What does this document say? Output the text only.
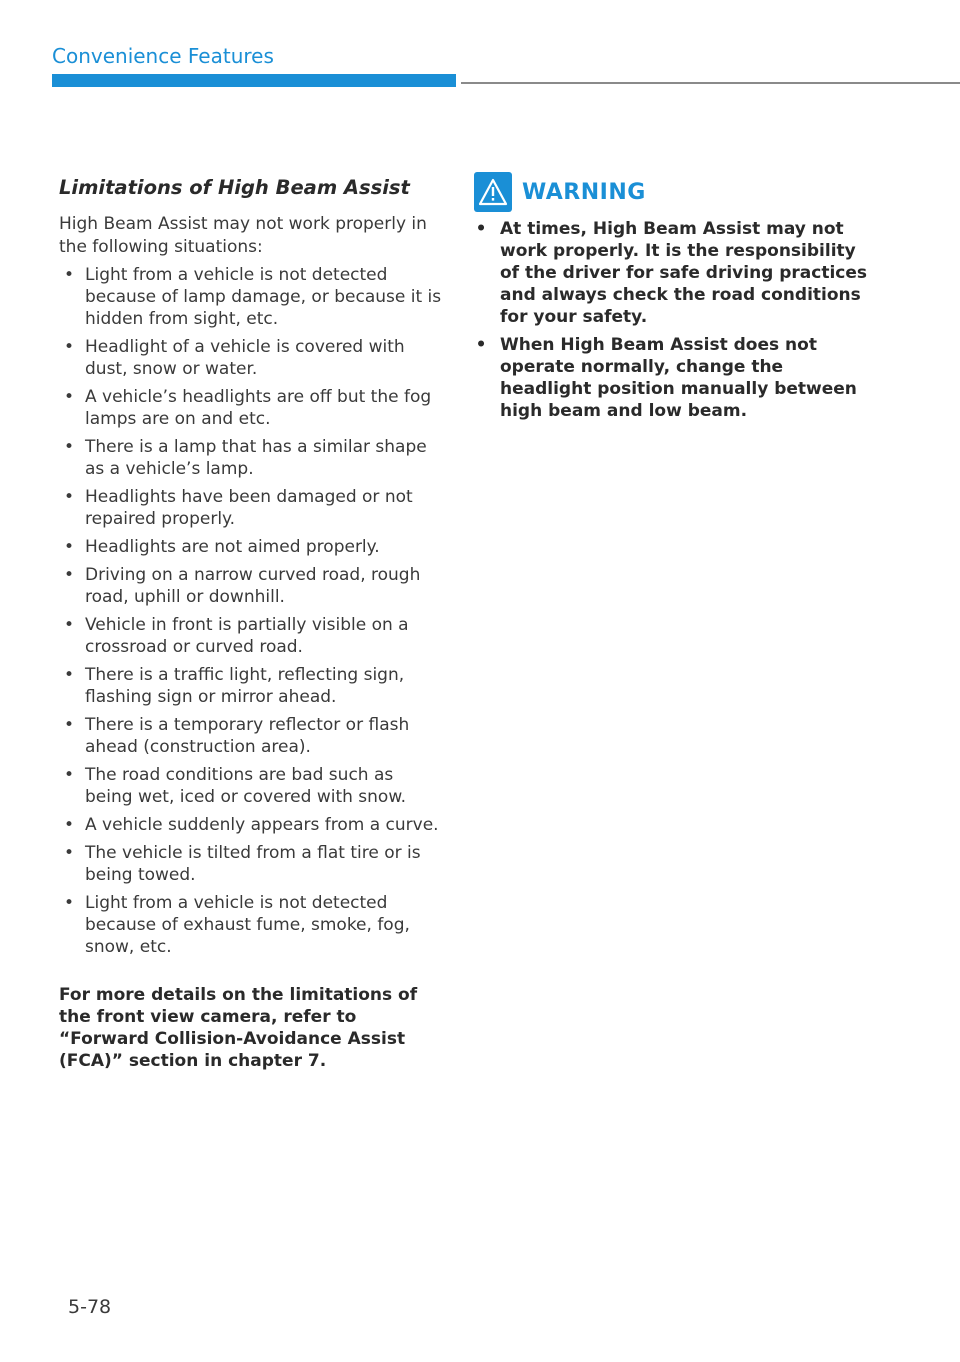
Convenience Features
Limitations of High Beam Assist

High Beam Assist may not work properly in the following situations:

• Light from a vehicle is not detected because of lamp damage, or because it is hidden from sight, etc.
• Headlight of a vehicle is covered with dust, snow or water.
• A vehicle’s headlights are off but the fog lamps are on and etc.
• There is a lamp that has a similar shape as a vehicle’s lamp.
• Headlights have been damaged or not repaired properly.
• Headlights are not aimed properly.
• Driving on a narrow curved road, rough road, uphill or downhill.
• Vehicle in front is partially visible on a crossroad or curved road.
• There is a traffic light, reflecting sign, flashing sign or mirror ahead.
• There is a temporary reflector or flash ahead (construction area).
• The road conditions are bad such as being wet, iced or covered with snow.
• A vehicle suddenly appears from a curve.
• The vehicle is tilted from a flat tire or is being towed.
• Light from a vehicle is not detected because of exhaust fume, smoke, fog, snow, etc.

For more details on the limitations of the front view camera, refer to “Forward Collision-Avoidance Assist (FCA)” section in chapter 7.

WARNING
• At times, High Beam Assist may not work properly. It is the responsibility of the driver for safe driving practices and always check the road conditions for your safety.
• When High Beam Assist does not operate normally, change the headlight position manually between high beam and low beam.
5-78
